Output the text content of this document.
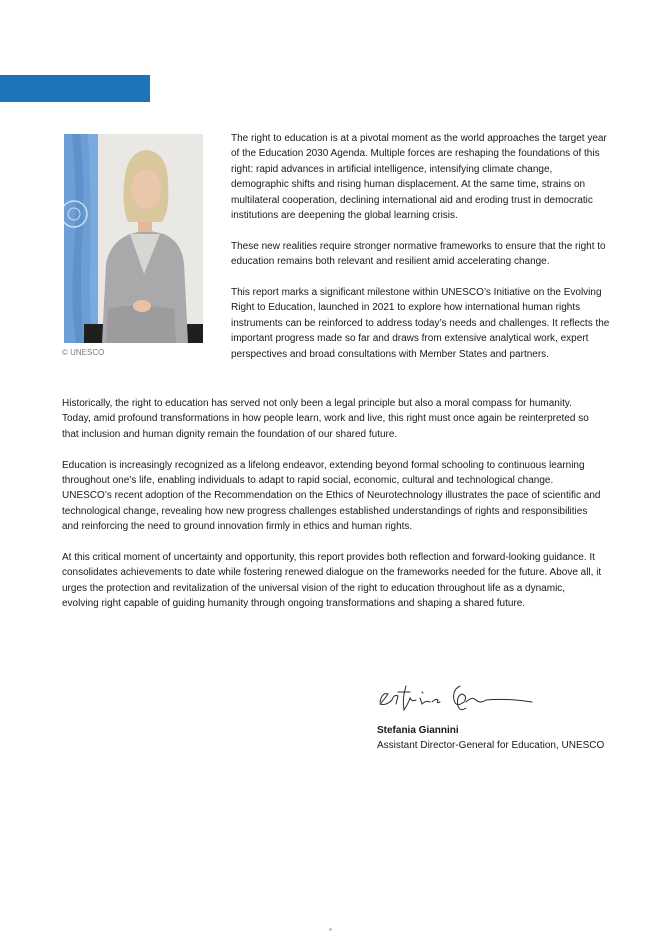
Foreword
© UNESCO

The right to education is at a pivotal moment as the world approaches the target year of the Education 2030 Agenda. Multiple forces are reshaping the foundations of this right: rapid advances in artificial intelligence, intensifying climate change, demographic shifts and rising human displacement. At the same time, strains on multilateral cooperation, declining international aid and eroding trust in democratic institutions are deepening the global learning crisis.

These new realities require stronger normative frameworks to ensure that the right to education remains both relevant and resilient amid accelerating change.

This report marks a significant milestone within UNESCO’s Initiative on the Evolving Right to Education, launched in 2021 to explore how international human rights instruments can be reinforced to address today’s needs and challenges. It reflects the important progress made so far and draws from extensive analytical work, expert perspectives and broad consultations with Member States and partners.

Historically, the right to education has served not only been a legal principle but also a moral compass for humanity. Today, amid profound transformations in how people learn, work and live, this right must once again be reinterpreted so that inclusion and human dignity remain the foundation of our shared future.

Education is increasingly recognized as a lifelong endeavor, extending beyond formal schooling to continuous learning throughout one’s life, enabling individuals to adapt to rapid social, economic, cultural and technological change. UNESCO’s recent adoption of the Recommendation on the Ethics of Neurotechnology illustrates the pace of scientific and technological change, revealing how new progress challenges established understandings of rights and responsibilities and reinforcing the need to ground innovation firmly in ethics and human rights.

At this critical moment of uncertainty and opportunity, this report provides both reflection and forward-looking guidance. It consolidates achievements to date while fostering renewed dialogue on the frameworks needed for the future. Above all, it urges the protection and revitalization of the universal vision of the right to education throughout life as a dynamic, evolving right capable of guiding humanity through ongoing transformations and shaping a shared future.

Stefania Giannini
Assistant Director-General for Education, UNESCO
